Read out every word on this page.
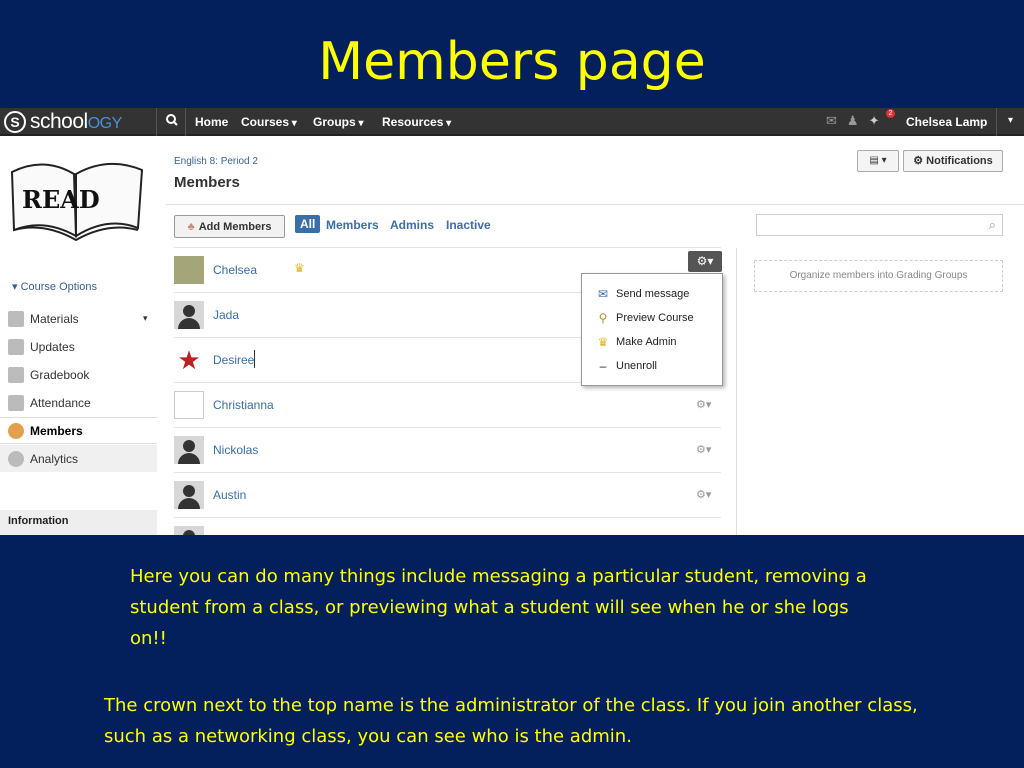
Members page
S schoolOGY	Home Courses ▾	Groups ▾	Resources ▾	✉ ♟ ✦	2
Chelsea Lamp	▾
READ
▾ Course Options
Materials	▾
Updates
Gradebook
Attendance
Members
Analytics
Information
English 8: Period 2
Members
▤ ▾	⚙ Notifications
♣ Add Members	All Members Admins Inactive	⌕
Organize members into Grading Groups
Chelsea	♛
Jada
★ Desiree
Christianna	⚙▾
Nickolas	⚙▾
Austin	⚙▾
⚙▾
✉ Send message
⚲ Preview Course
♛ Make Admin
– Unenroll
Here you can do many things include messaging a particular student, removing a student from a class, or previewing what a student will see when he or she logs on!!
The crown next to the top name is the administrator of the class. If you join another class, such as a networking class, you can see who is the admin.
